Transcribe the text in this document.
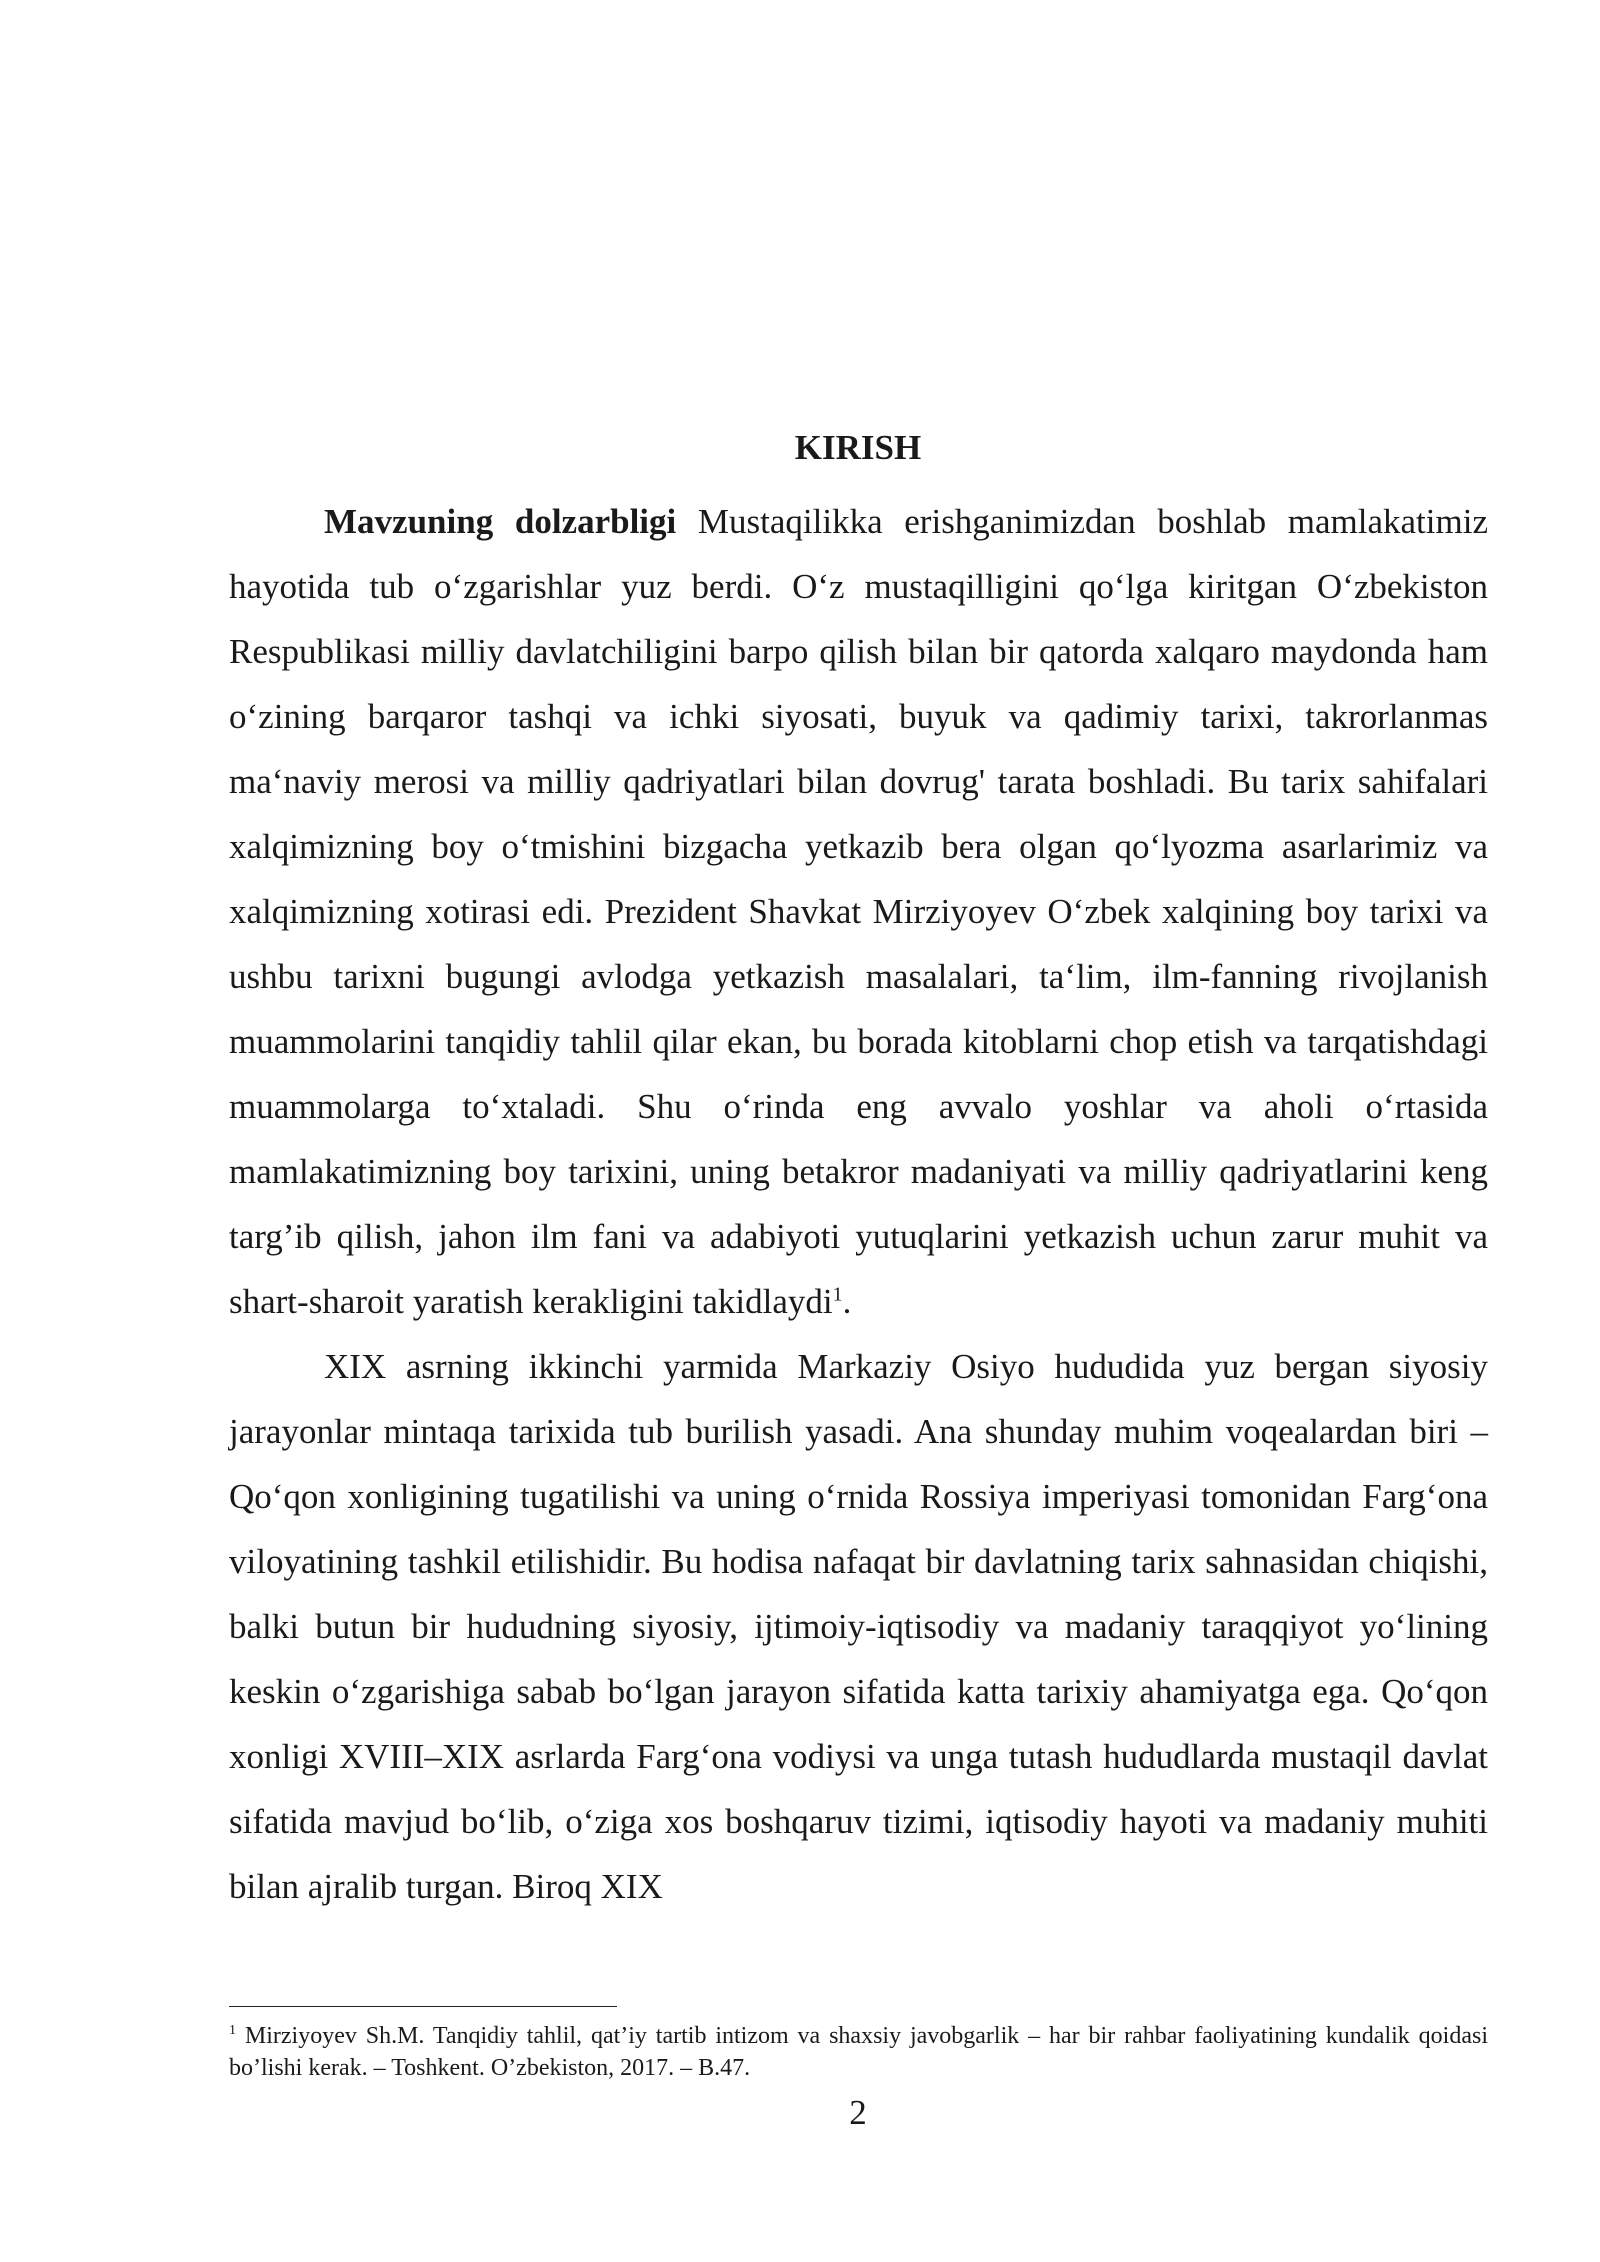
KIRISH

Mavzuning dolzarbligi Mustaqilikka erishganimizdan boshlab mamlakatimiz hayotida tub o‘zgarishlar yuz berdi. O‘z mustaqilligini qo‘lga kiritgan O‘zbekiston Respublikasi milliy davlatchiligini barpo qilish bilan bir qatorda xalqaro maydonda ham o‘zining barqaror tashqi va ichki siyosati, buyuk va qadimiy tarixi, takrorlanmas ma‘naviy merosi va milliy qadriyatlari bilan dovrug' tarata boshladi. Bu tarix sahifalari xalqimizning boy o‘tmishini bizgacha yetkazib bera olgan qo‘lyozma asarlarimiz va xalqimizning xotirasi edi. Prezident Shavkat Mirziyoyev O‘zbek xalqining boy tarixi va ushbu tarixni bugungi avlodga yetkazish masalalari, ta‘lim, ilm-fanning rivojlanish muammolarini tanqidiy tahlil qilar ekan, bu borada kitoblarni chop etish va tarqatishdagi muammolarga to‘xtaladi. Shu o‘rinda eng avvalo yoshlar va aholi o‘rtasida mamlakatimizning boy tarixini, uning betakror madaniyati va milliy qadriyatlarini keng targ’ib qilish, jahon ilm fani va adabiyoti yutuqlarini yetkazish uchun zarur muhit va shart-sharoit yaratish kerakligini takidlaydi$^1$.

XIX asrning ikkinchi yarmida Markaziy Osiyo hududida yuz bergan siyosiy jarayonlar mintaqa tarixida tub burilish yasadi. Ana shunday muhim voqealardan biri – Qo‘qon xonligining tugatilishi va uning o‘rnida Rossiya imperiyasi tomonidan Farg‘ona viloyatining tashkil etilishidir. Bu hodisa nafaqat bir davlatning tarix sahnasidan chiqishi, balki butun bir hududning siyosiy, ijtimoiy-iqtisodiy va madaniy taraqqiyot yo‘lining keskin o‘zgarishiga sabab bo‘lgan jarayon sifatida katta tarixiy ahamiyatga ega. Qo‘qon xonligi XVIII–XIX asrlarda Farg‘ona vodiysi va unga tutash hududlarda mustaqil davlat sifatida mavjud bo‘lib, o‘ziga xos boshqaruv tizimi, iqtisodiy hayoti va madaniy muhiti bilan ajralib turgan. Biroq XIX

$^1$ Mirziyoyev Sh.M. Tanqidiy tahlil, qat’iy tartib intizom va shaxsiy javobgarlik – har bir rahbar faoliyatining kundalik qoidasi bo’lishi kerak. – Toshkent. O’zbekiston, 2017. – B.47.

2
